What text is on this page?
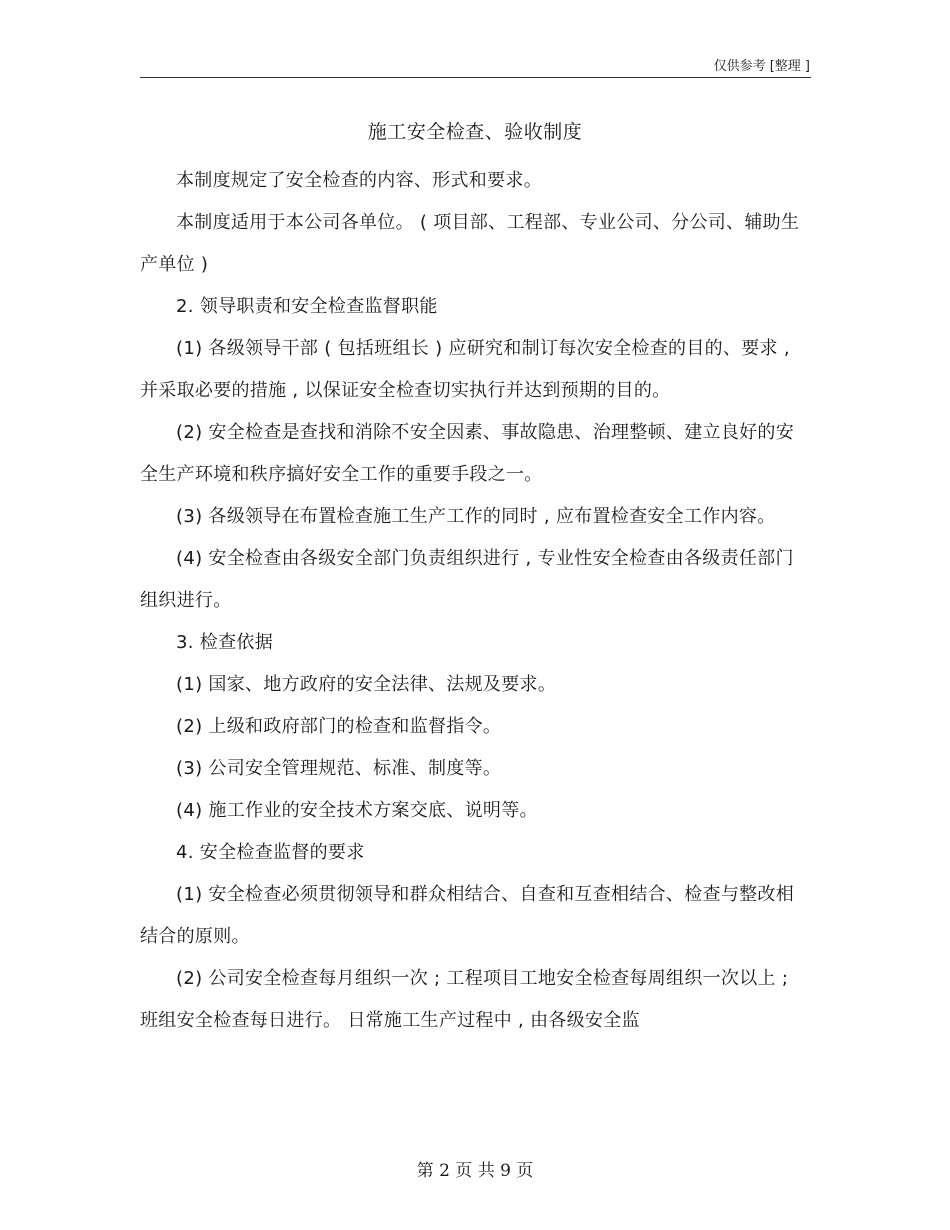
仅供参考 [整理 ]
施工安全检查、验收制度

本制度规定了安全检查的内容、形式和要求。

本制度适用于本公司各单位。 ( 项目部、工程部、专业公司、分公司、辅助生产单位 )

2. 领导职责和安全检查监督职能

(1) 各级领导干部 ( 包括班组长 ) 应研究和制订每次安全检查的目的、要求 , 并采取必要的措施 , 以保证安全检查切实执行并达到预期的目的。

(2) 安全检查是查找和消除不安全因素、事故隐患、治理整顿、建立良好的安全生产环境和秩序搞好安全工作的重要手段之一。

(3) 各级领导在布置检查施工生产工作的同时 , 应布置检查安全工作内容。

(4) 安全检查由各级安全部门负责组织进行 , 专业性安全检查由各级责任部门组织进行。

3. 检查依据

(1) 国家、地方政府的安全法律、法规及要求。

(2) 上级和政府部门的检查和监督指令。

(3) 公司安全管理规范、标准、制度等。

(4) 施工作业的安全技术方案交底、说明等。

4. 安全检查监督的要求

(1) 安全检查必须贯彻领导和群众相结合、自查和互查相结合、检查与整改相结合的原则。

(2) 公司安全检查每月组织一次 ; 工程项目工地安全检查每周组织一次以上 ; 班组安全检查每日进行。 日常施工生产过程中 , 由各级安全监

第 2 页 共 9 页
